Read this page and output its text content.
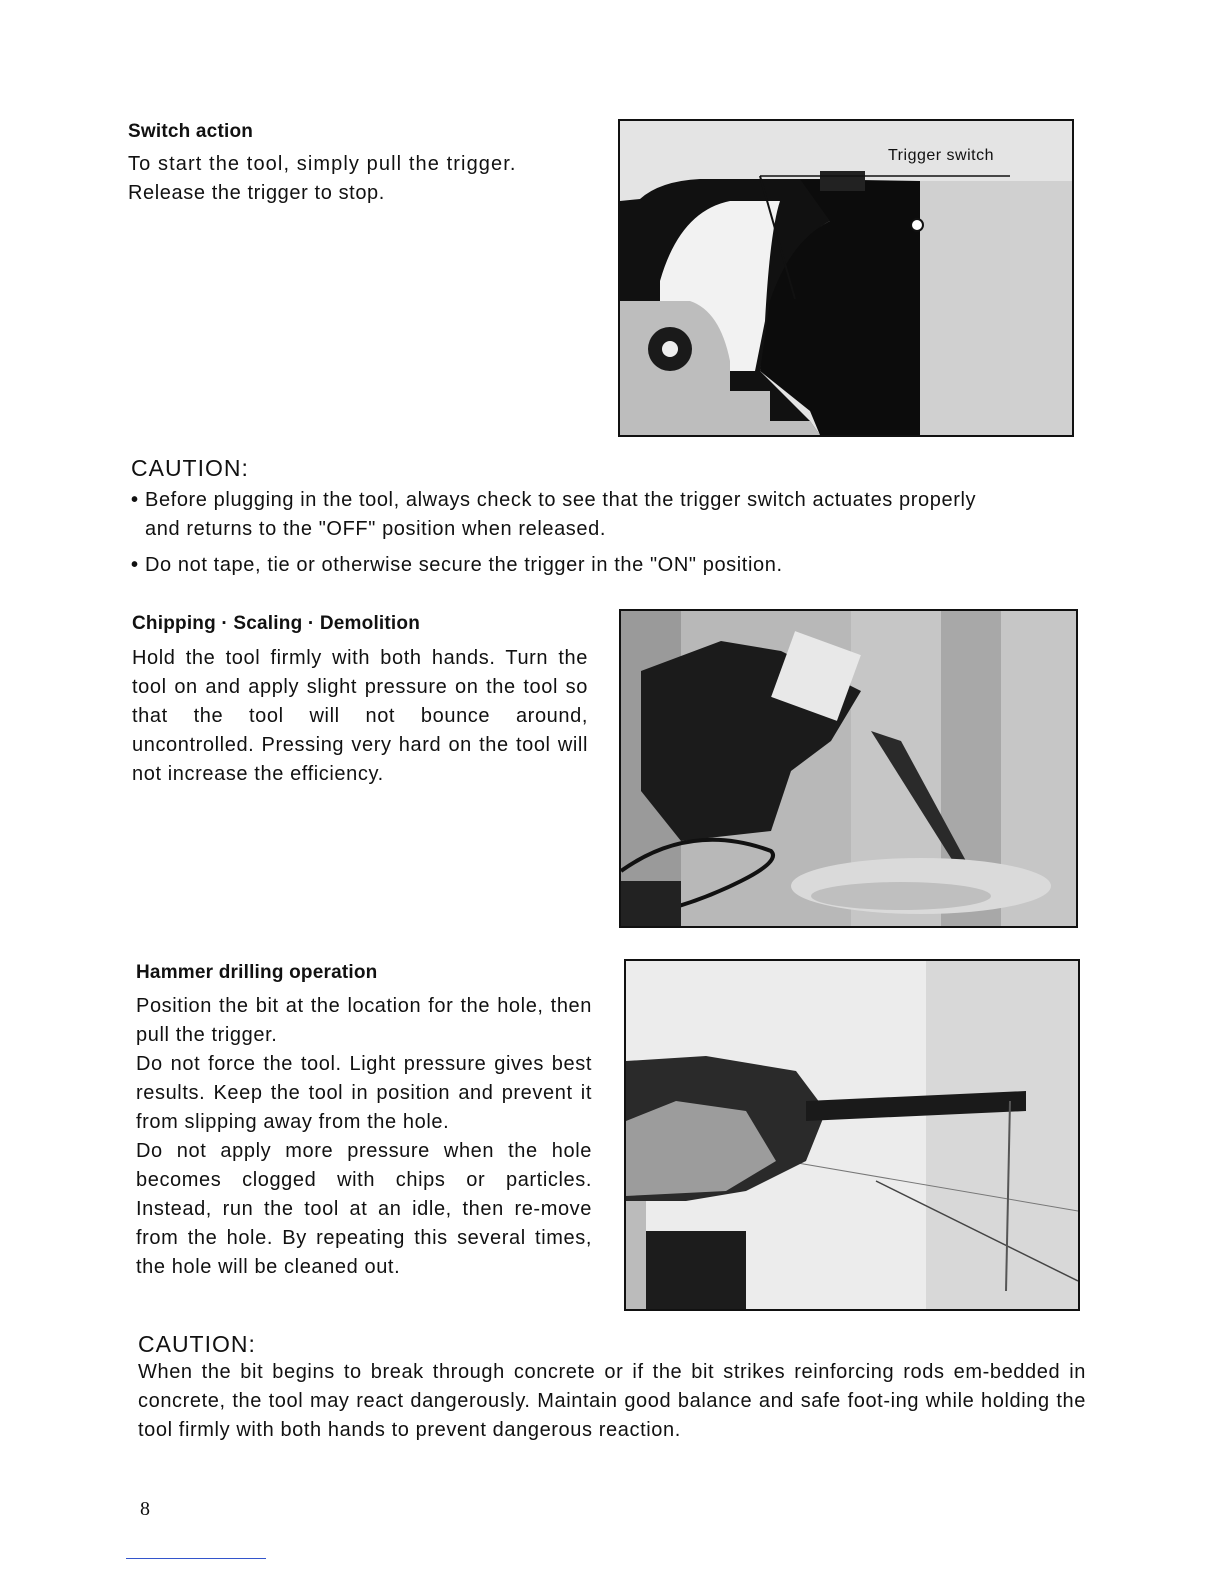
Switch action

To start the tool, simply pull the trigger.

Release the trigger to stop.

Trigger switch
CAUTION:
• Before plugging in the tool, always check to see that the trigger switch actuates properly
and returns to the "OFF" position when released.
• Do not tape, tie or otherwise secure the trigger in the "ON" position.
Chipping · Scaling · Demolition
Hold the tool firmly with both hands. Turn the tool on and apply slight pressure on the tool so that the tool will not bounce around, uncontrolled. Pressing very hard on the tool will not increase the efficiency.
Hammer drilling operation

Position the bit at the location for the hole, then pull the trigger.

Do not force the tool. Light pressure gives best results. Keep the tool in position and prevent it from slipping away from the hole.

Do not apply more pressure when the hole becomes clogged with chips or particles. Instead, run the tool at an idle, then re-move from the hole. By repeating this several times, the hole will be cleaned out.

CAUTION:
When the bit begins to break through concrete or if the bit strikes reinforcing rods em-bedded in concrete, the tool may react dangerously. Maintain good balance and safe foot-ing while holding the tool firmly with both hands to prevent dangerous reaction.
8
